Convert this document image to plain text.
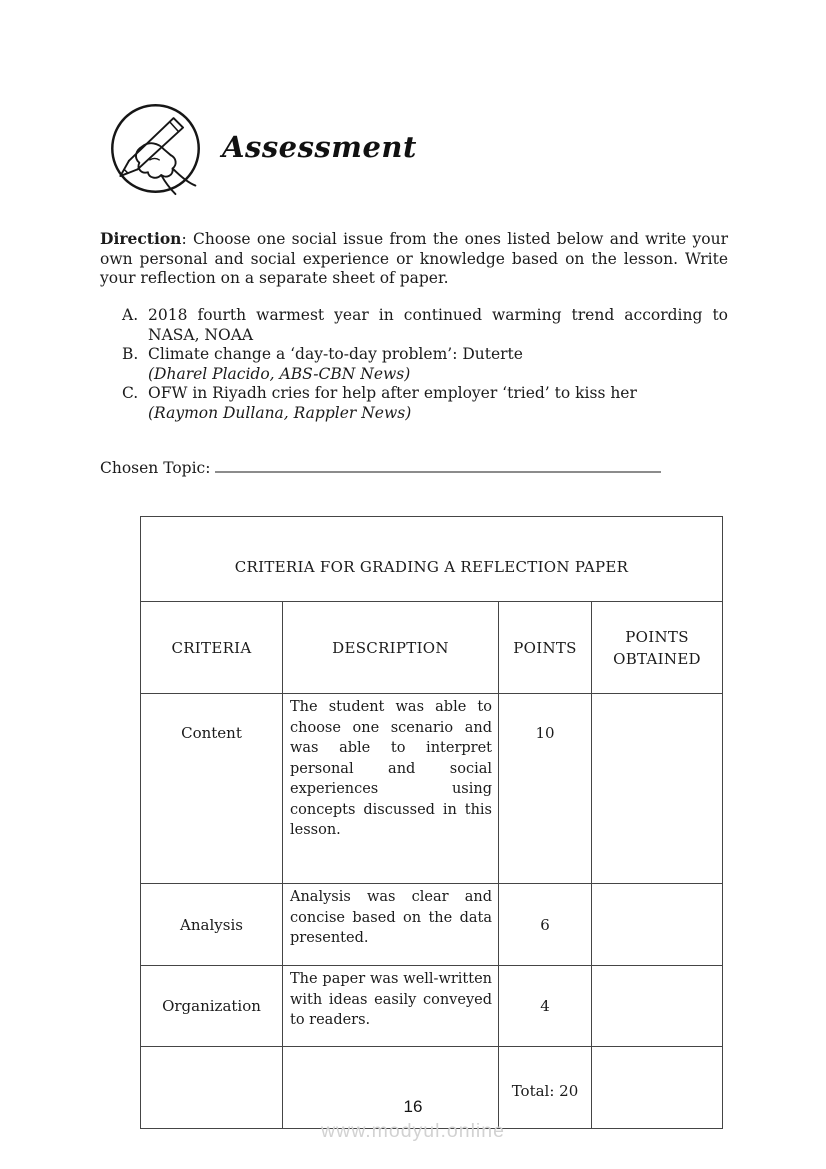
Assessment
Direction: Choose one social issue from the ones listed below and write your own personal and social experience or knowledge based on the lesson. Write your reflection on a separate sheet of paper.
A. 2018 fourth warmest year in continued warming trend according to NASA, NOAA
B. Climate change a ‘day-to-day problem’: Duterte
(Dharel Placido, ABS-CBN News)
C. OFW in Riyadh cries for help after employer ‘tried’ to kiss her
(Raymon Dullana, Rappler News)
Chosen Topic:
CRITERIA FOR GRADING A REFLECTION PAPER			
CRITERIA	DESCRIPTION	POINTS	POINTS OBTAINED
Content	The student was able to choose one scenario and was able to interpret personal and social experiences using concepts discussed in this lesson.	10	
Analysis	Analysis was clear and concise based on the data presented.	6	
Organization	The paper was well-written with ideas easily conveyed to readers.	4	
		Total: 20	
16
www.modyul.online
